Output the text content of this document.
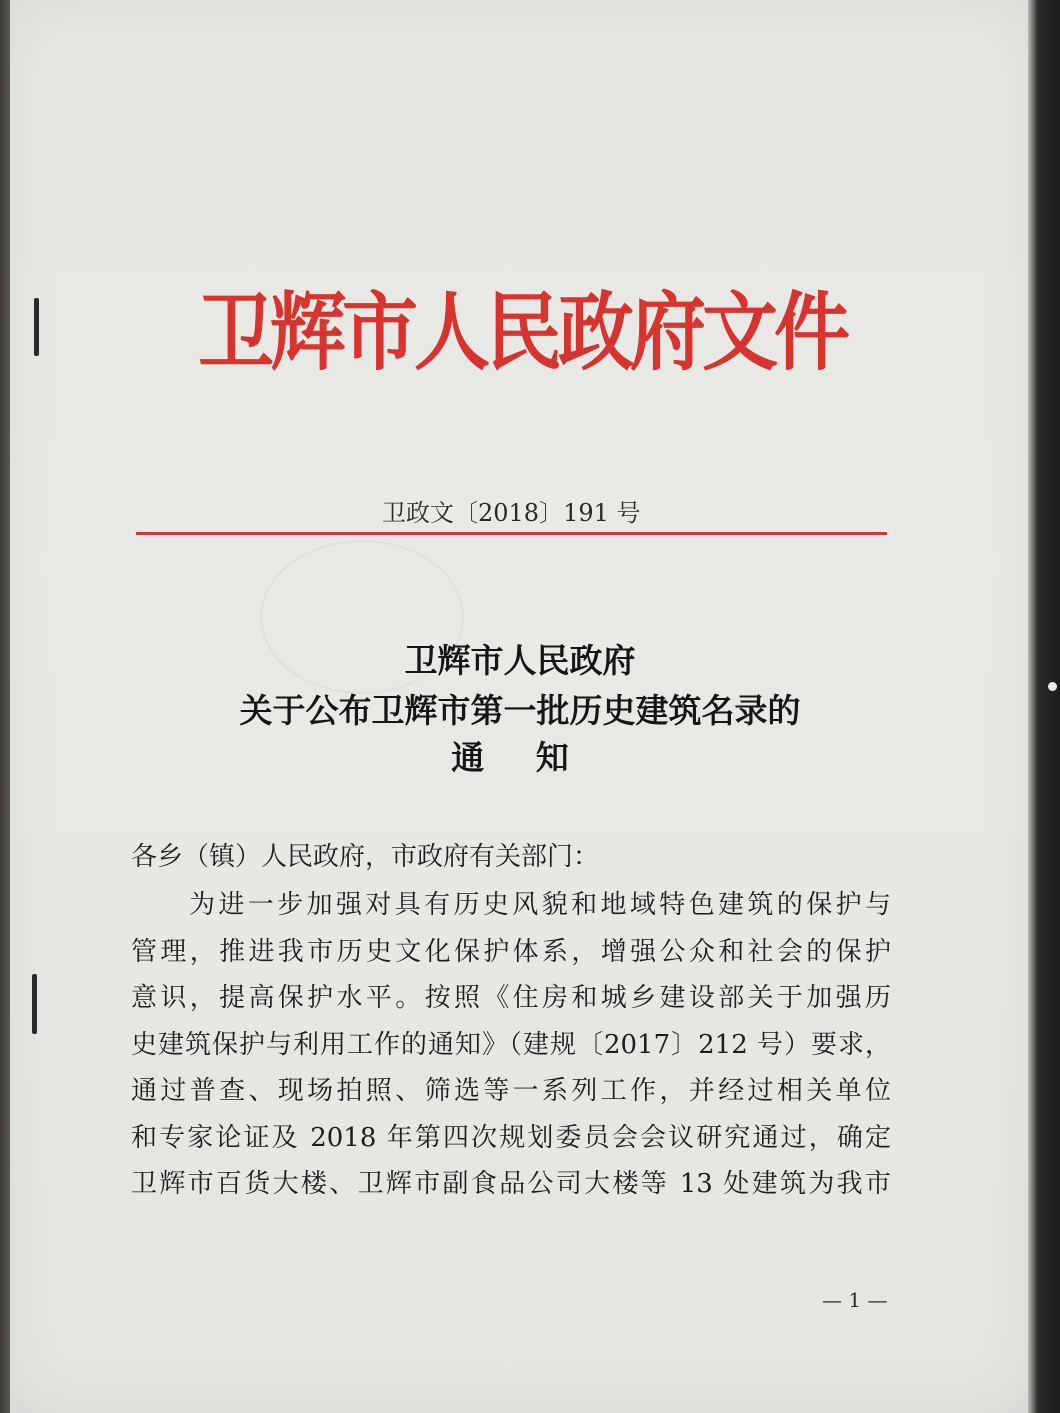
卫辉市人民政府文件
卫政文〔2018〕191 号
卫辉市人民政府
关于公布卫辉市第一批历史建筑名录的
通 知
各乡（镇）人民政府，市政府有关部门：
为进一步加强对具有历史风貌和地域特色建筑的保护与
管理，推进我市历史文化保护体系，增强公众和社会的保护
意识，提高保护水平。按照《住房和城乡建设部关于加强历
史建筑保护与利用工作的通知》（建规〔2017〕212 号）要求，
通过普查、现场拍照、筛选等一系列工作，并经过相关单位
和专家论证及 2018 年第四次规划委员会会议研究通过，确定
卫辉市百货大楼、卫辉市副食品公司大楼等 13 处建筑为我市
— 1 —
